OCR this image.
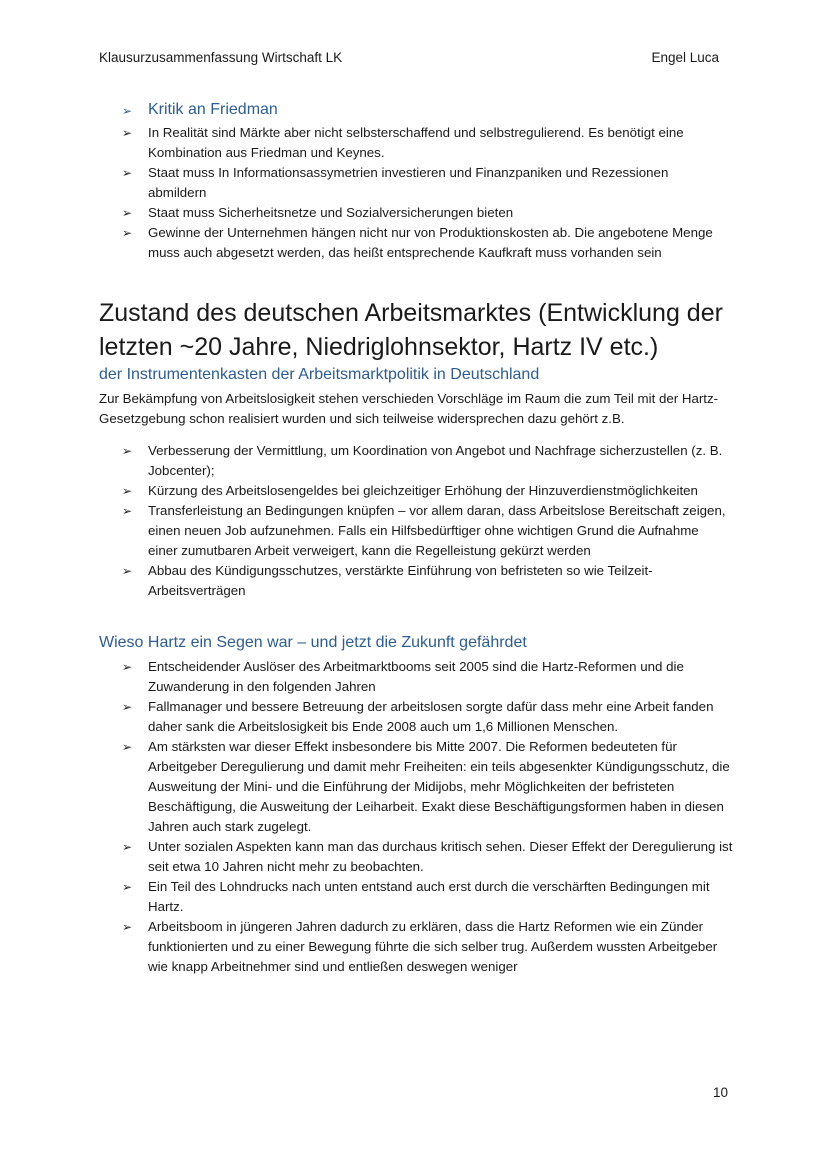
Klausurzusammenfassung Wirtschaft LK	Engel Luca
➢ Kritik an Friedman
➢ In Realität sind Märkte aber nicht selbsterschaffend und selbstregulierend. Es benötigt eine Kombination aus Friedman und Keynes.
➢ Staat muss In Informationsassymetrien investieren und Finanzpaniken und Rezessionen abmildern
➢ Staat muss Sicherheitsnetze und Sozialversicherungen bieten
➢ Gewinne der Unternehmen hängen nicht nur von Produktionskosten ab. Die angebotene Menge muss auch abgesetzt werden, das heißt entsprechende Kaufkraft muss vorhanden sein
Zustand des deutschen Arbeitsmarktes (Entwicklung der letzten ~20 Jahre, Niedriglohnsektor, Hartz IV etc.)
der Instrumentenkasten der Arbeitsmarktpolitik in Deutschland

Zur Bekämpfung von Arbeitslosigkeit stehen verschieden Vorschläge im Raum die zum Teil mit der Hartz-Gesetzgebung schon realisiert wurden und sich teilweise widersprechen dazu gehört z.B.

➢ Verbesserung der Vermittlung, um Koordination von Angebot und Nachfrage sicherzustellen (z. B. Jobcenter);
➢ Kürzung des Arbeitslosengeldes bei gleichzeitiger Erhöhung der Hinzuverdienstmöglichkeiten
➢ Transferleistung an Bedingungen knüpfen – vor allem daran, dass Arbeitslose Bereitschaft zeigen, einen neuen Job aufzunehmen. Falls ein Hilfsbedürftiger ohne wichtigen Grund die Aufnahme einer zumutbaren Arbeit verweigert, kann die Regelleistung gekürzt werden
➢ Abbau des Kündigungsschutzes, verstärkte Einführung von befristeten so wie Teilzeit-Arbeitsverträgen
Wieso Hartz ein Segen war – und jetzt die Zukunft gefährdet
➢ Entscheidender Auslöser des Arbeitmarktbooms seit 2005 sind die Hartz-Reformen und die Zuwanderung in den folgenden Jahren
➢ Fallmanager und bessere Betreuung der arbeitslosen sorgte dafür dass mehr eine Arbeit fanden daher sank die Arbeitslosigkeit bis Ende 2008 auch um 1,6 Millionen Menschen.
➢ Am stärksten war dieser Effekt insbesondere bis Mitte 2007. Die Reformen bedeuteten für Arbeitgeber Deregulierung und damit mehr Freiheiten: ein teils abgesenkter Kündigungsschutz, die Ausweitung der Mini- und die Einführung der Midijobs, mehr Möglichkeiten der befristeten Beschäftigung, die Ausweitung der Leiharbeit. Exakt diese Beschäftigungsformen haben in diesen Jahren auch stark zugelegt.
➢ Unter sozialen Aspekten kann man das durchaus kritisch sehen. Dieser Effekt der Deregulierung ist seit etwa 10 Jahren nicht mehr zu beobachten.
➢ Ein Teil des Lohndrucks nach unten entstand auch erst durch die verschärften Bedingungen mit Hartz.
➢ Arbeitsboom in jüngeren Jahren dadurch zu erklären, dass die Hartz Reformen wie ein Zünder funktionierten und zu einer Bewegung führte die sich selber trug. Außerdem wussten Arbeitgeber wie knapp Arbeitnehmer sind und entließen deswegen weniger
10
